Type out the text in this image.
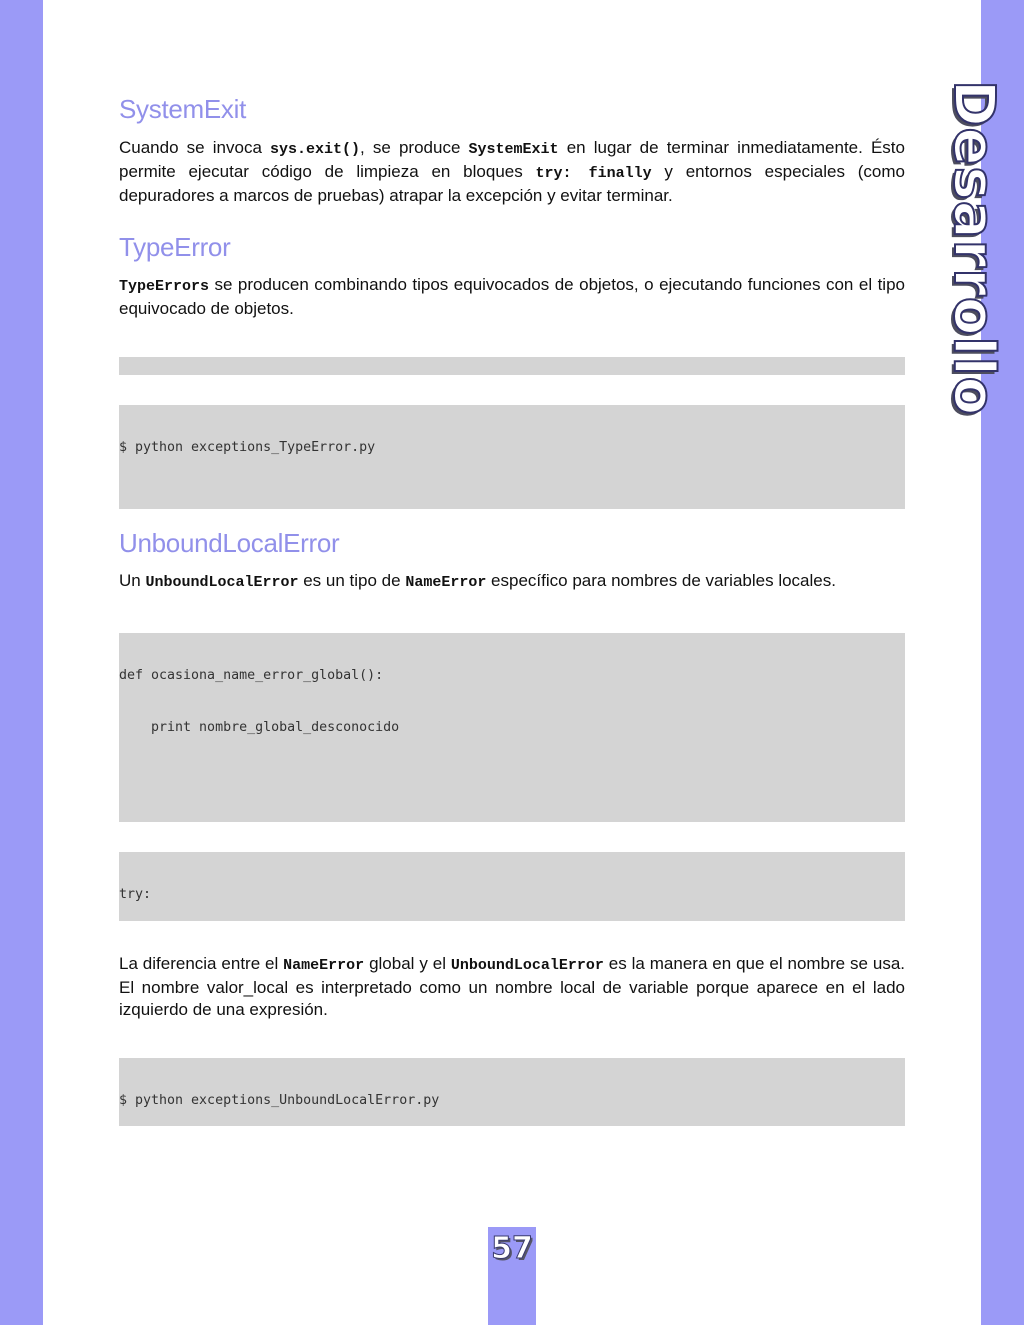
Desarrollo
SystemExit

Cuando se invoca sys.exit(), se produce SystemExit en lugar de terminar inmediatamente. Ésto permite ejecutar código de limpieza en bloques try: finally y entornos especiales (como depuradores a marcos de pruebas) atrapar la excepción y evitar terminar.

TypeError

TypeErrors se producen combinando tipos equivocados de objetos, o ejecutando funciones con el tipo equivocado de objetos.

$ python exceptions_TypeError.py

UnboundLocalError

Un UnboundLocalError es un tipo de NameError específico para nombres de variables locales.

def ocasiona_name_error_global():

print nombre_global_desconocido

try:

La diferencia entre el NameError global y el UnboundLocalError es la manera en que el nombre se usa. El nombre valor_local es interpretado como un nombre local de variable porque aparece en el lado izquierdo de una expresión.

$ python exceptions_UnboundLocalError.py

57
